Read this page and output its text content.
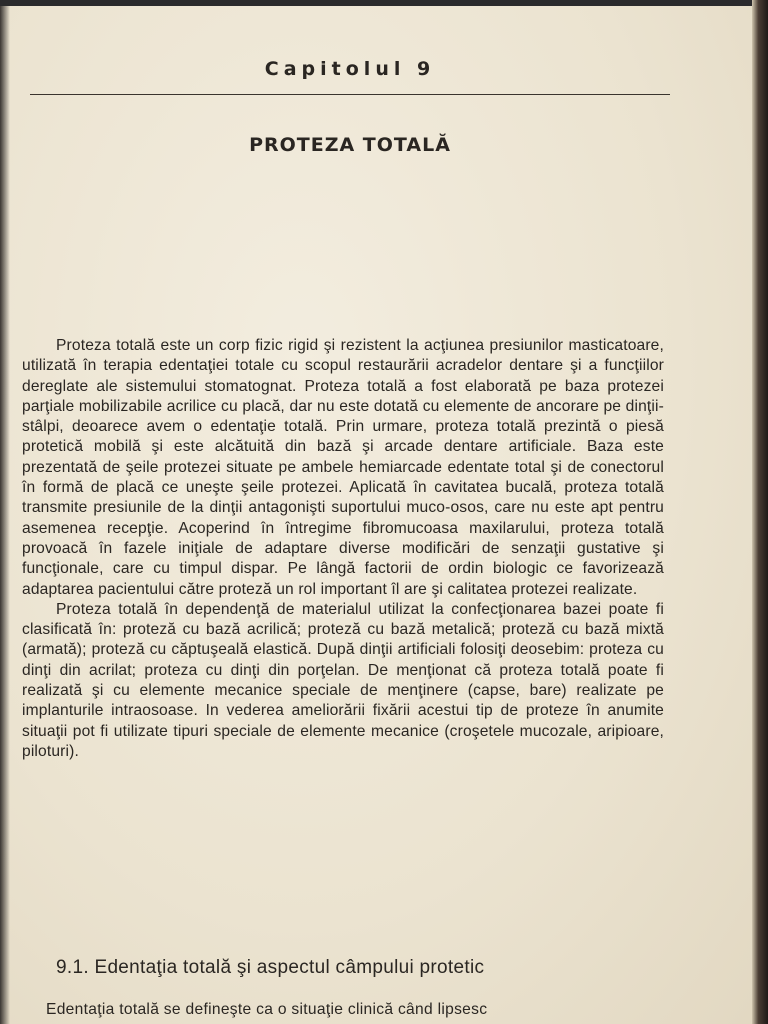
Capitolul 9
PROTEZA TOTALĂ

Proteza totală este un corp fizic rigid şi rezistent la acţiunea presiunilor masticatoare, utilizată în terapia edentaţiei totale cu scopul restaurării acradelor dentare şi a funcţiilor dereglate ale sistemului stomatognat. Proteza totală a fost elaborată pe baza protezei parţiale mobilizabile acrilice cu placă, dar nu este dotată cu elemente de ancorare pe dinţii-stâlpi, deoarece avem o edentaţie totală. Prin urmare, proteza totală prezintă o piesă protetică mobilă şi este alcătuită din bază şi arcade dentare artificiale. Baza este prezentată de şeile protezei situate pe ambele hemiarcade edentate total şi de conectorul în formă de placă ce uneşte şeile protezei. Aplicată în cavitatea bucală, proteza totală transmite presiunile de la dinţii antagonişti suportului muco-osos, care nu este apt pentru asemenea recepţie. Acoperind în întregime fibromucoasa maxilarului, proteza totală provoacă în fazele iniţiale de adaptare diverse modificări de senzaţii gustative şi funcţionale, care cu timpul dispar. Pe lângă factorii de ordin biologic ce favorizează adaptarea pacientului către proteză un rol important îl are şi calitatea protezei realizate.

Proteza totală în dependenţă de materialul utilizat la confecţionarea bazei poate fi clasificată în: proteză cu bază acrilică; proteză cu bază metalică; proteză cu bază mixtă (armată); proteză cu căptuşeală elastică. După dinţii artificiali folosiţi deosebim: proteza cu dinţi din acrilat; proteza cu dinţi din porţelan. De menţionat că proteza totală poate fi realizată şi cu elemente mecanice speciale de menţinere (capse, bare) realizate pe implanturile intraosoase. In vederea ameliorării fixării acestui tip de proteze în anumite situaţii pot fi utilizate tipuri speciale de elemente mecanice (croşetele mucozale, aripioare, piloturi).

9.1. Edentaţia totală şi aspectul câmpului protetic
Edentaţia totală se defineşte ca o situaţie clinică când lipsesc
